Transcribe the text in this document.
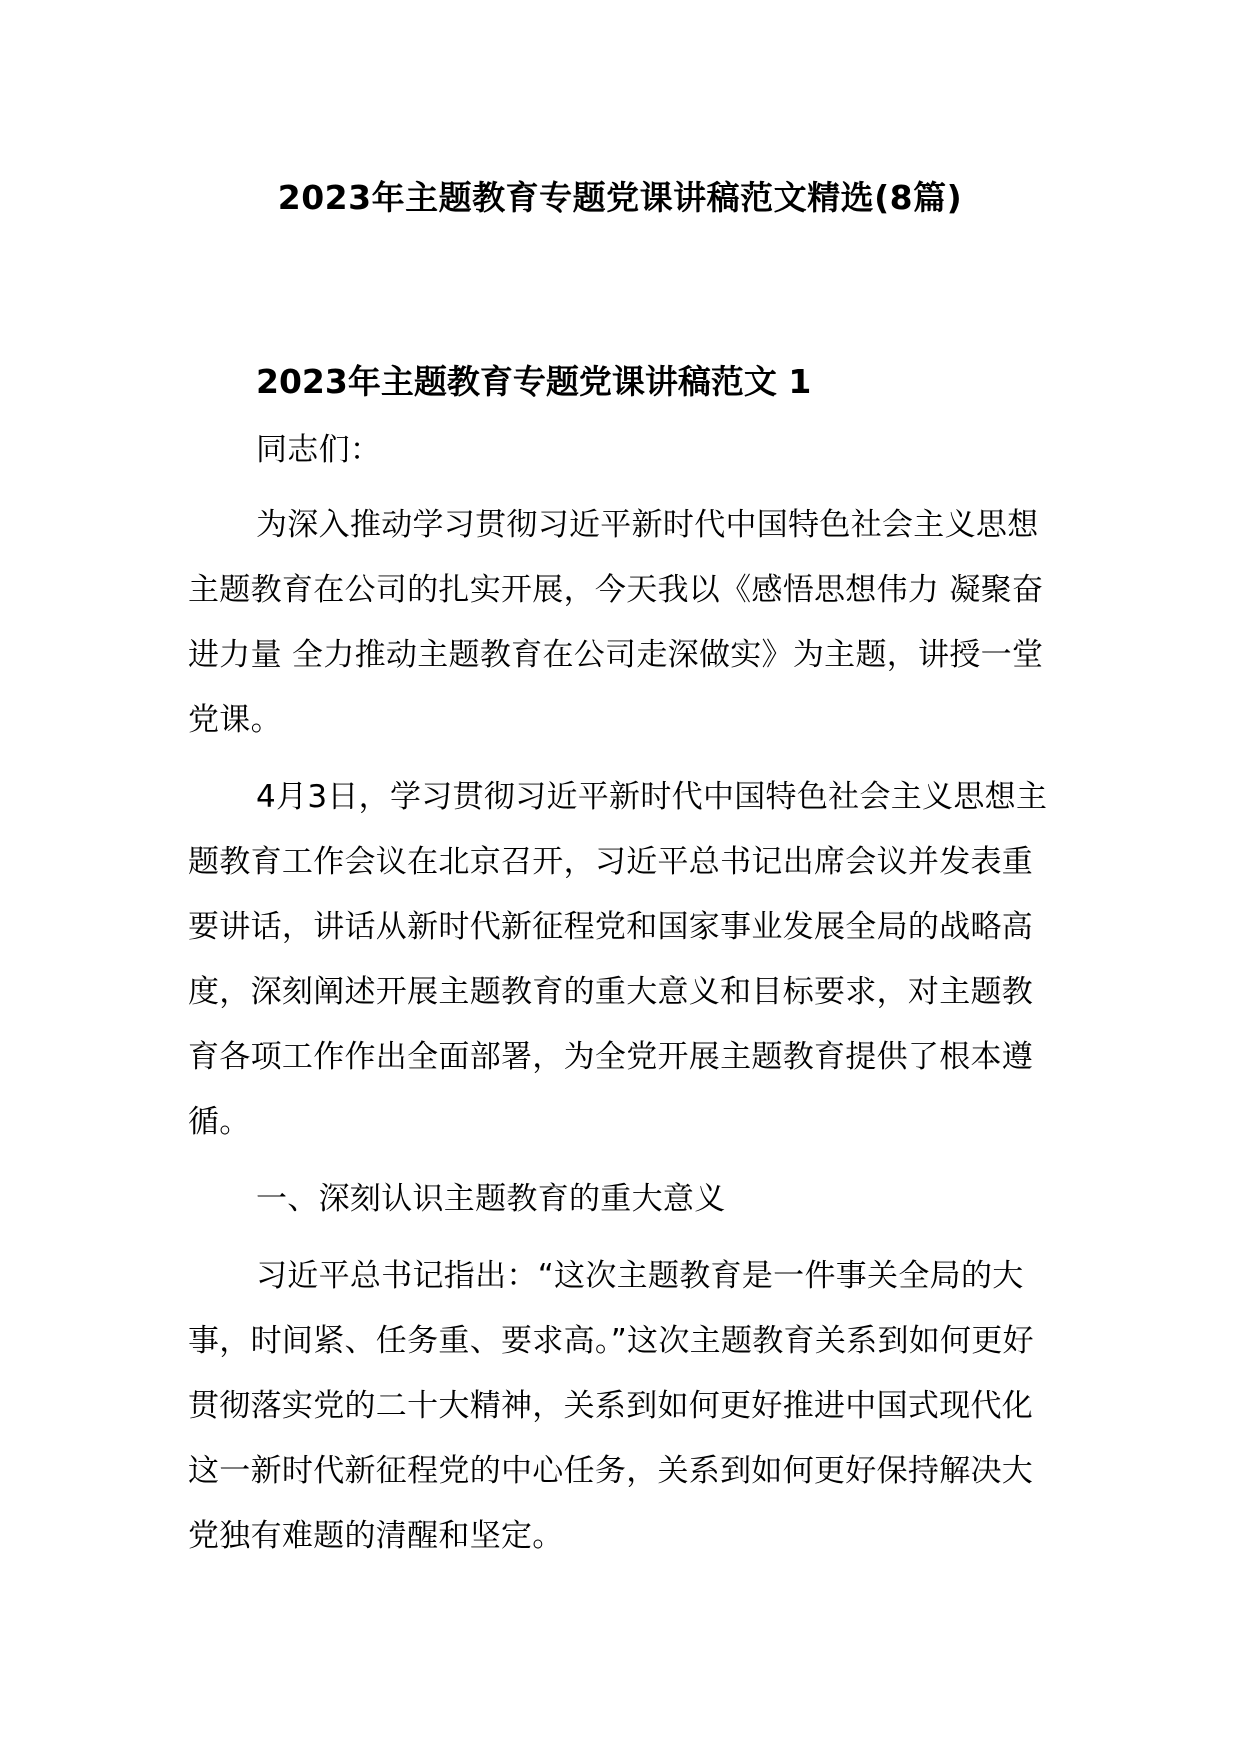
2023年主题教育专题党课讲稿范文精选(8篇)
2023年主题教育专题党课讲稿范文 1

同志们：

为深入推动学习贯彻习近平新时代中国特色社会主义思想主题教育在公司的扎实开展，今天我以《感悟思想伟力 凝聚奋进力量 全力推动主题教育在公司走深做实》为主题，讲授一堂党课。

4月3日，学习贯彻习近平新时代中国特色社会主义思想主题教育工作会议在北京召开，习近平总书记出席会议并发表重要讲话，讲话从新时代新征程党和国家事业发展全局的战略高度，深刻阐述开展主题教育的重大意义和目标要求，对主题教育各项工作作出全面部署，为全党开展主题教育提供了根本遵循。

一、深刻认识主题教育的重大意义

习近平总书记指出：“这次主题教育是一件事关全局的大事，时间紧、任务重、要求高。”这次主题教育关系到如何更好贯彻落实党的二十大精神，关系到如何更好推进中国式现代化这一新时代新征程党的中心任务，关系到如何更好保持解决大党独有难题的清醒和坚定。
